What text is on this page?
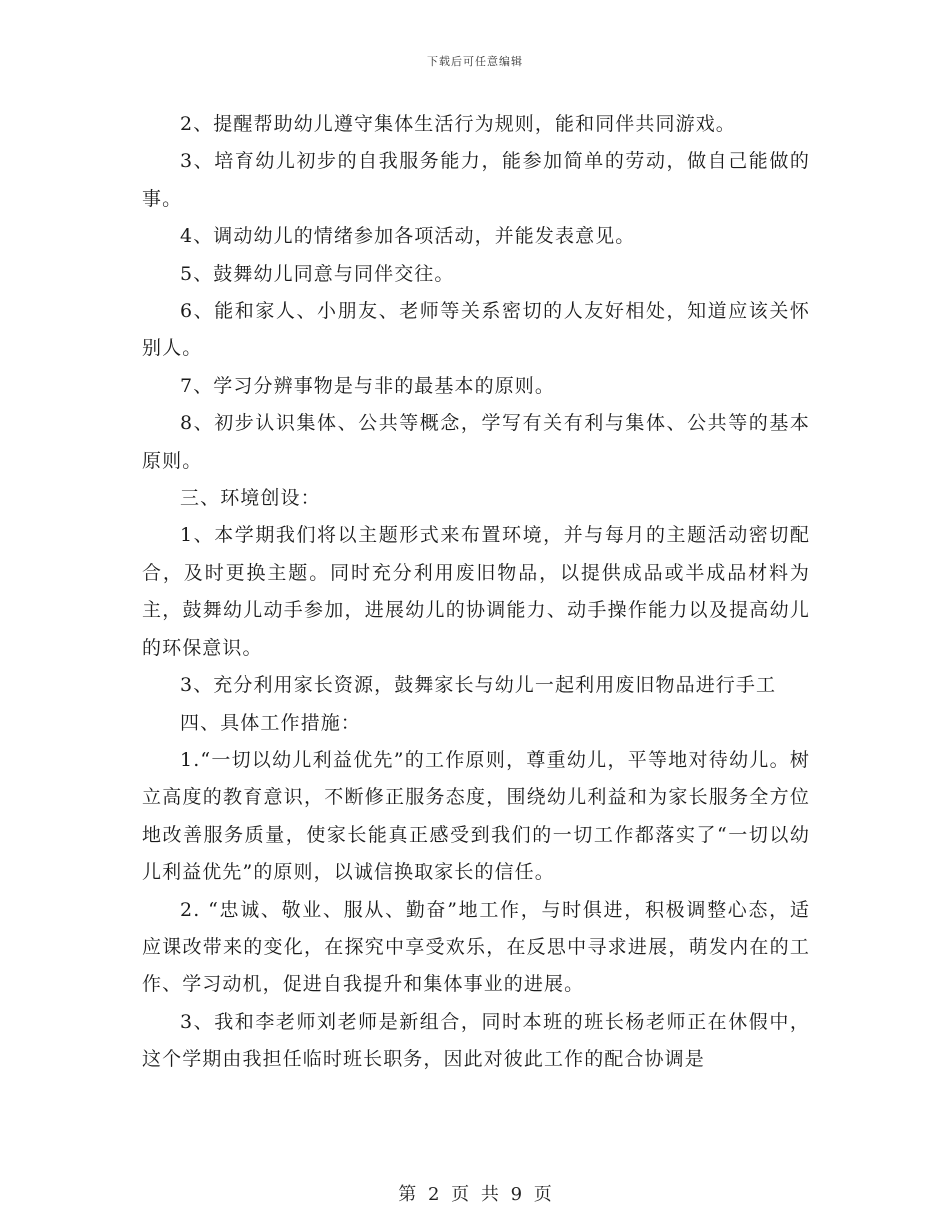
下载后可任意编辑

2、提醒帮助幼儿遵守集体生活行为规则，能和同伴共同游戏。

3、培育幼儿初步的自我服务能力，能参加简单的劳动，做自己能做的事。

4、调动幼儿的情绪参加各项活动，并能发表意见。

5、鼓舞幼儿同意与同伴交往。

6、能和家人、小朋友、老师等关系密切的人友好相处，知道应该关怀别人。

7、学习分辨事物是与非的最基本的原则。

8、初步认识集体、公共等概念，学写有关有利与集体、公共等的基本原则。

三、环境创设：

1、本学期我们将以主题形式来布置环境，并与每月的主题活动密切配合，及时更换主题。同时充分利用废旧物品，以提供成品或半成品材料为主，鼓舞幼儿动手参加，进展幼儿的协调能力、动手操作能力以及提高幼儿的环保意识。

3、充分利用家长资源，鼓舞家长与幼儿一起利用废旧物品进行手工

四、具体工作措施：

1.“一切以幼儿利益优先”的工作原则，尊重幼儿，平等地对待幼儿。树立高度的教育意识，不断修正服务态度，围绕幼儿利益和为家长服务全方位地改善服务质量，使家长能真正感受到我们的一切工作都落实了“一切以幼儿利益优先”的原则，以诚信换取家长的信任。

2. “忠诚、敬业、服从、勤奋”地工作，与时俱进，积极调整心态，适应课改带来的变化，在探究中享受欢乐，在反思中寻求进展，萌发内在的工作、学习动机，促进自我提升和集体事业的进展。

3、我和李老师刘老师是新组合，同时本班的班长杨老师正在休假中，这个学期由我担任临时班长职务，因此对彼此工作的配合协调是

第 2 页 共 9 页
